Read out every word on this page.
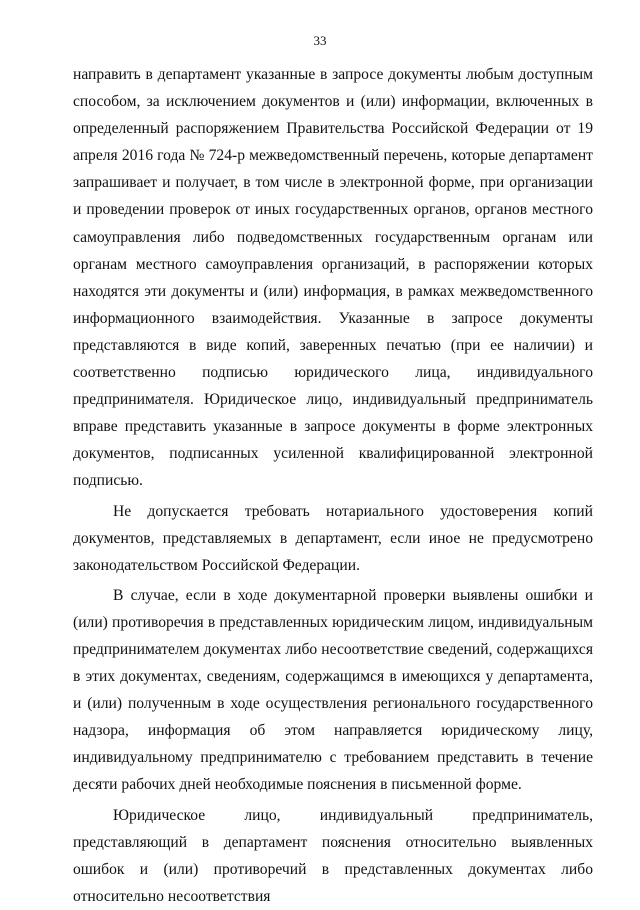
33

направить в департамент указанные в запросе документы любым доступным способом, за исключением документов и (или) информации, включенных в определенный распоряжением Правительства Российской Федерации от 19 апреля 2016 года № 724-р межведомственный перечень, которые департамент запрашивает и получает, в том числе в электронной форме, при организации и проведении проверок от иных государственных органов, органов местного самоуправления либо подведомственных государственным органам или органам местного самоуправления организаций, в распоряжении которых находятся эти документы и (или) информация, в рамках межведомственного информационного взаимодействия. Указанные в запросе документы представляются в виде копий, заверенных печатью (при ее наличии) и соответственно подписью юридического лица, индивидуального предпринимателя. Юридическое лицо, индивидуальный предприниматель вправе представить указанные в запросе документы в форме электронных документов, подписанных усиленной квалифицированной электронной подписью.

Не допускается требовать нотариального удостоверения копий документов, представляемых в департамент, если иное не предусмотрено законодательством Российской Федерации.

В случае, если в ходе документарной проверки выявлены ошибки и (или) противоречия в представленных юридическим лицом, индивидуальным предпринимателем документах либо несоответствие сведений, содержащихся в этих документах, сведениям, содержащимся в имеющихся у департамента, и (или) полученным в ходе осуществления регионального государственного надзора, информация об этом направляется юридическому лицу, индивидуальному предпринимателю с требованием представить в течение десяти рабочих дней необходимые пояснения в письменной форме.

Юридическое лицо, индивидуальный предприниматель, представляющий в департамент пояснения относительно выявленных ошибок и (или) противоречий в представленных документах либо относительно несоответствия
